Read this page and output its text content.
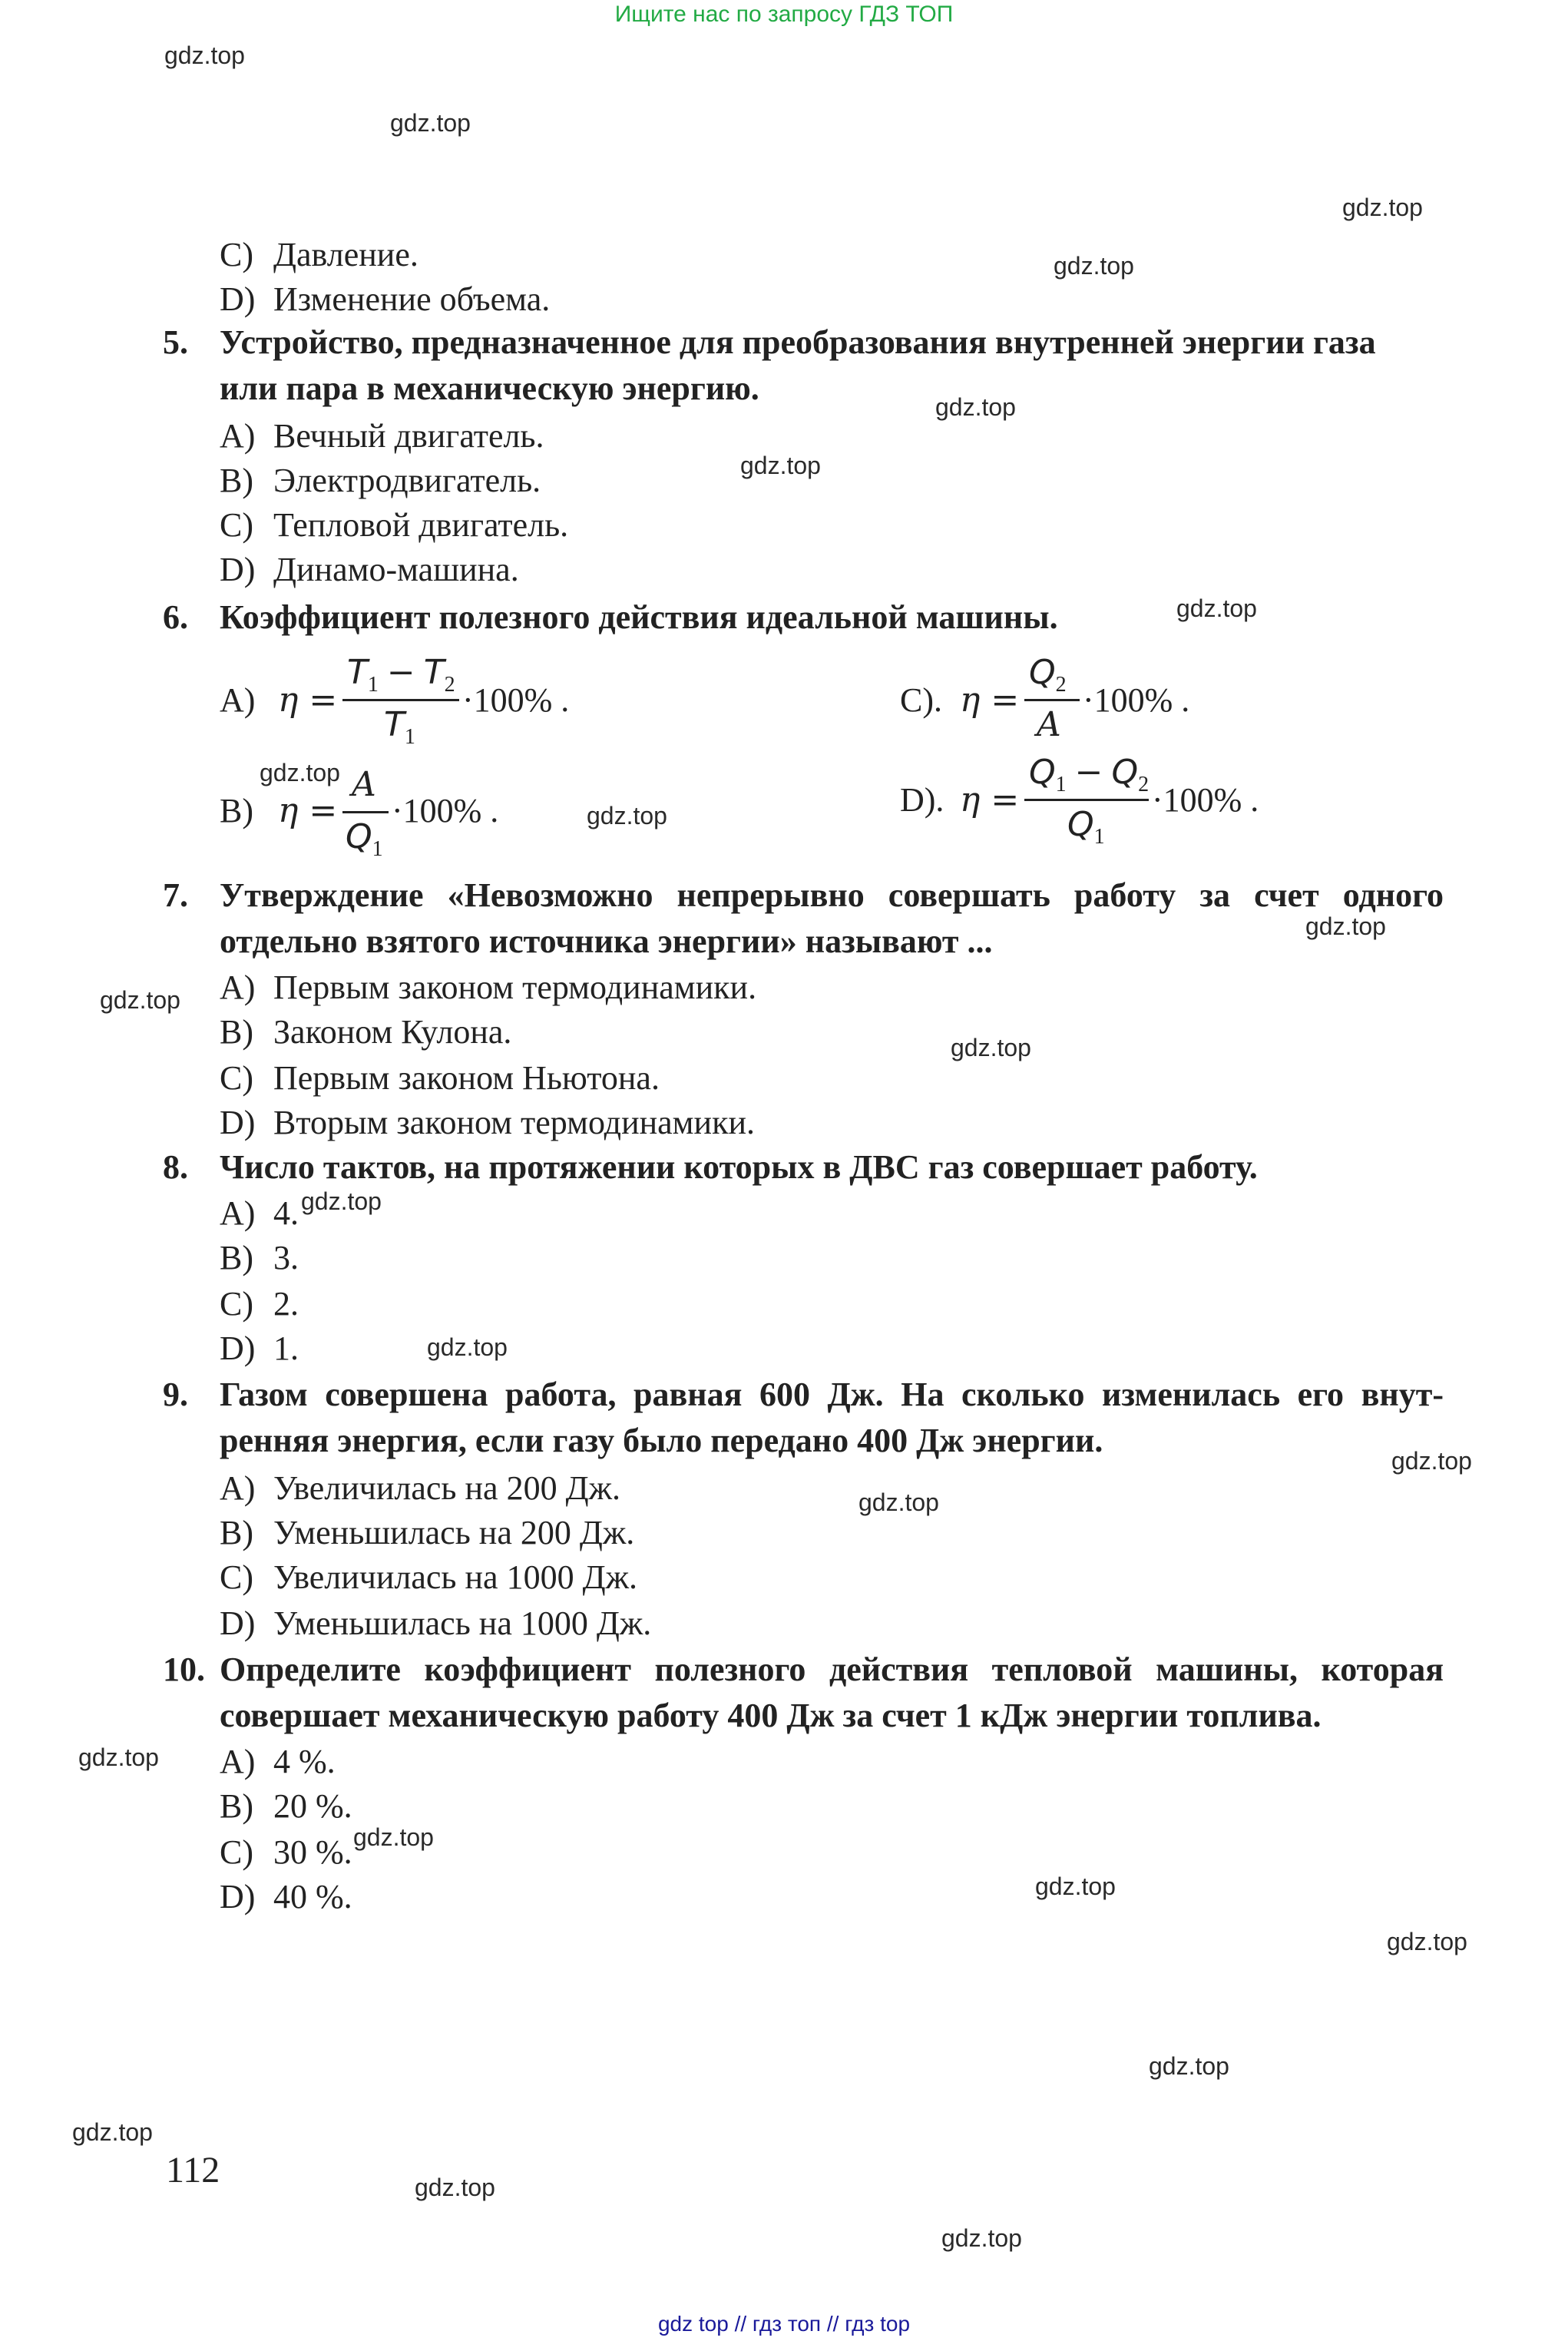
Ищите нас по запросу ГДЗ ТОП
gdz.top
gdz.top
gdz.top
gdz.top
gdz.top
gdz.top
gdz.top
gdz.top
gdz.top
gdz.top
gdz.top
gdz.top
gdz.top
gdz.top
gdz.top
gdz.top
gdz.top
gdz.top
gdz.top
gdz.top
gdz.top
gdz.top
gdz.top
gdz.top
C) Давление.
D) Изменение объема.
5. Устройство, предназначенное для преобразования внутренней энергии газа
или пара в механическую энергию.
A) Вечный двигатель.
B) Электродвигатель.
C) Тепловой двигатель.
D) Динамо-машина.
6. Коэффициент полезного действия идеальной машины.
A) η =
$T_1 - T_2$
$T_1$
·100% .	C). η =
$Q_2$
A
·100% .
B) η =
A
$Q_1$
·100% .	D). η =
$Q_1 - Q_2$
$Q_1$
·100% .
7. Утверждение «Невозможно непрерывно совершать работу за счет одного
отдельно взятого источника энергии» называют ...
A) Первым законом термодинамики.
B) Законом Кулона.
C) Первым законом Ньютона.
D) Вторым законом термодинамики.
8. Число тактов, на протяжении которых в ДВС газ совершает работу.
A) 4.
B) 3.
C) 2.
D) 1.
9. Газом совершена работа, равная 600 Дж. На сколько изменилась его внут-
ренняя энергия, если газу было передано 400 Дж энергии.
A) Увеличилась на 200 Дж.
B) Уменьшилась на 200 Дж.
C) Увеличилась на 1000 Дж.
D) Уменьшилась на 1000 Дж.
10. Определите коэффициент полезного действия тепловой машины, которая
совершает механическую работу 400 Дж за счет 1 кДж энергии топлива.
A) 4 %.
B) 20 %.
C) 30 %.
D) 40 %.
112
gdz top // гдз топ // гдз top
